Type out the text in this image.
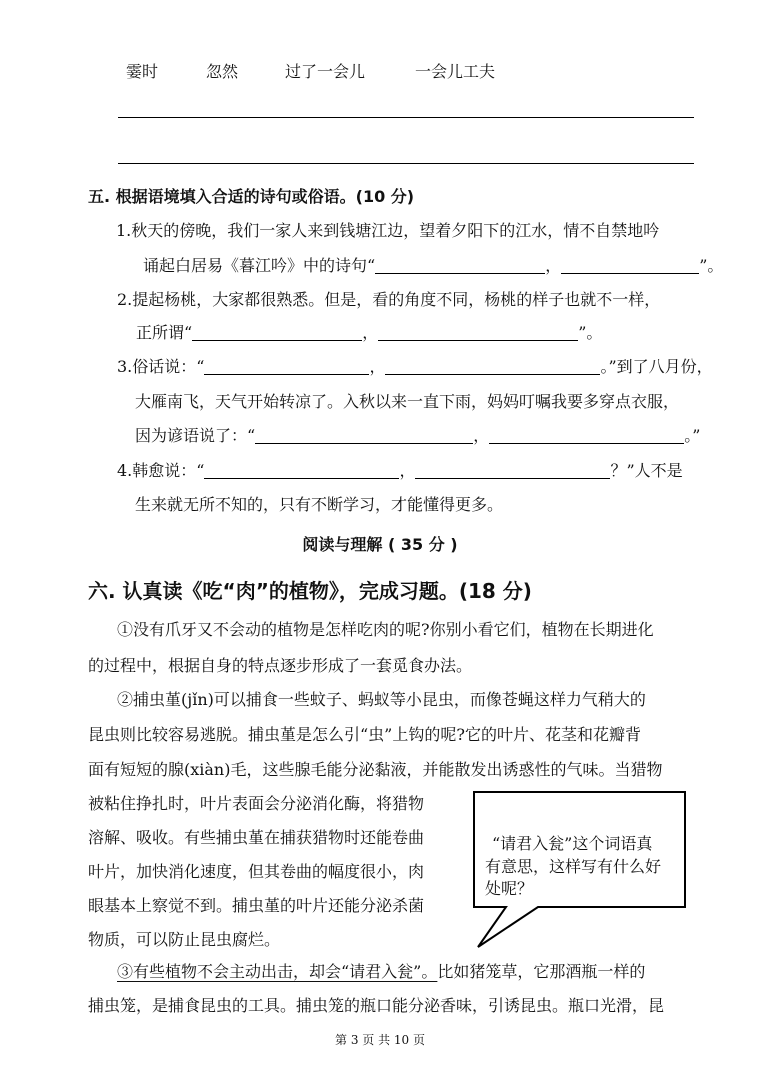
霎时	忽然	过了一会儿	一会儿工夫
五. 根据语境填入合适的诗句或俗语。(10 分)
1.秋天的傍晚，我们一家人来到钱塘江边，望着夕阳下的江水，情不自禁地吟
诵起白居易《暮江吟》中的诗句“	，	”。
2.提起杨桃，大家都很熟悉。但是，看的角度不同，杨桃的样子也就不一样，
正所谓“	，	”。
3.俗话说：“	，	。”到了八月份，
大雁南飞，天气开始转凉了。入秋以来一直下雨，妈妈叮嘱我要多穿点衣服，
因为谚语说了：“	，	。”
4.韩愈说：“	，	？”人不是
生来就无所不知的，只有不断学习，才能懂得更多。
阅读与理解 ( 35 分 )
六. 认真读《吃“肉”的植物》，完成习题。(18 分)
①没有爪牙又不会动的植物是怎样吃肉的呢?你别小看它们，植物在长期进化
的过程中，根据自身的特点逐步形成了一套觅食办法。
②捕虫堇(jǐn)可以捕食一些蚊子、蚂蚁等小昆虫，而像苍蝇这样力气稍大的
昆虫则比较容易逃脱。捕虫堇是怎么引“虫”上钩的呢?它的叶片、花茎和花瓣背
面有短短的腺(xiàn)毛，这些腺毛能分泌黏液，并能散发出诱惑性的气味。当猎物
被粘住挣扎时，叶片表面会分泌消化酶，将猎物
溶解、吸收。有些捕虫堇在捕获猎物时还能卷曲
叶片，加快消化速度，但其卷曲的幅度很小，肉
眼基本上察觉不到。捕虫堇的叶片还能分泌杀菌
物质，可以防止昆虫腐烂。
“请君入瓮”这个词语真
有意思，这样写有什么好
处呢？
③有些植物不会主动出击，却会“请君入瓮”。比如猪笼草，它那酒瓶一样的
捕虫笼，是捕食昆虫的工具。捕虫笼的瓶口能分泌香味，引诱昆虫。瓶口光滑，昆
第 3 页 共 10 页
